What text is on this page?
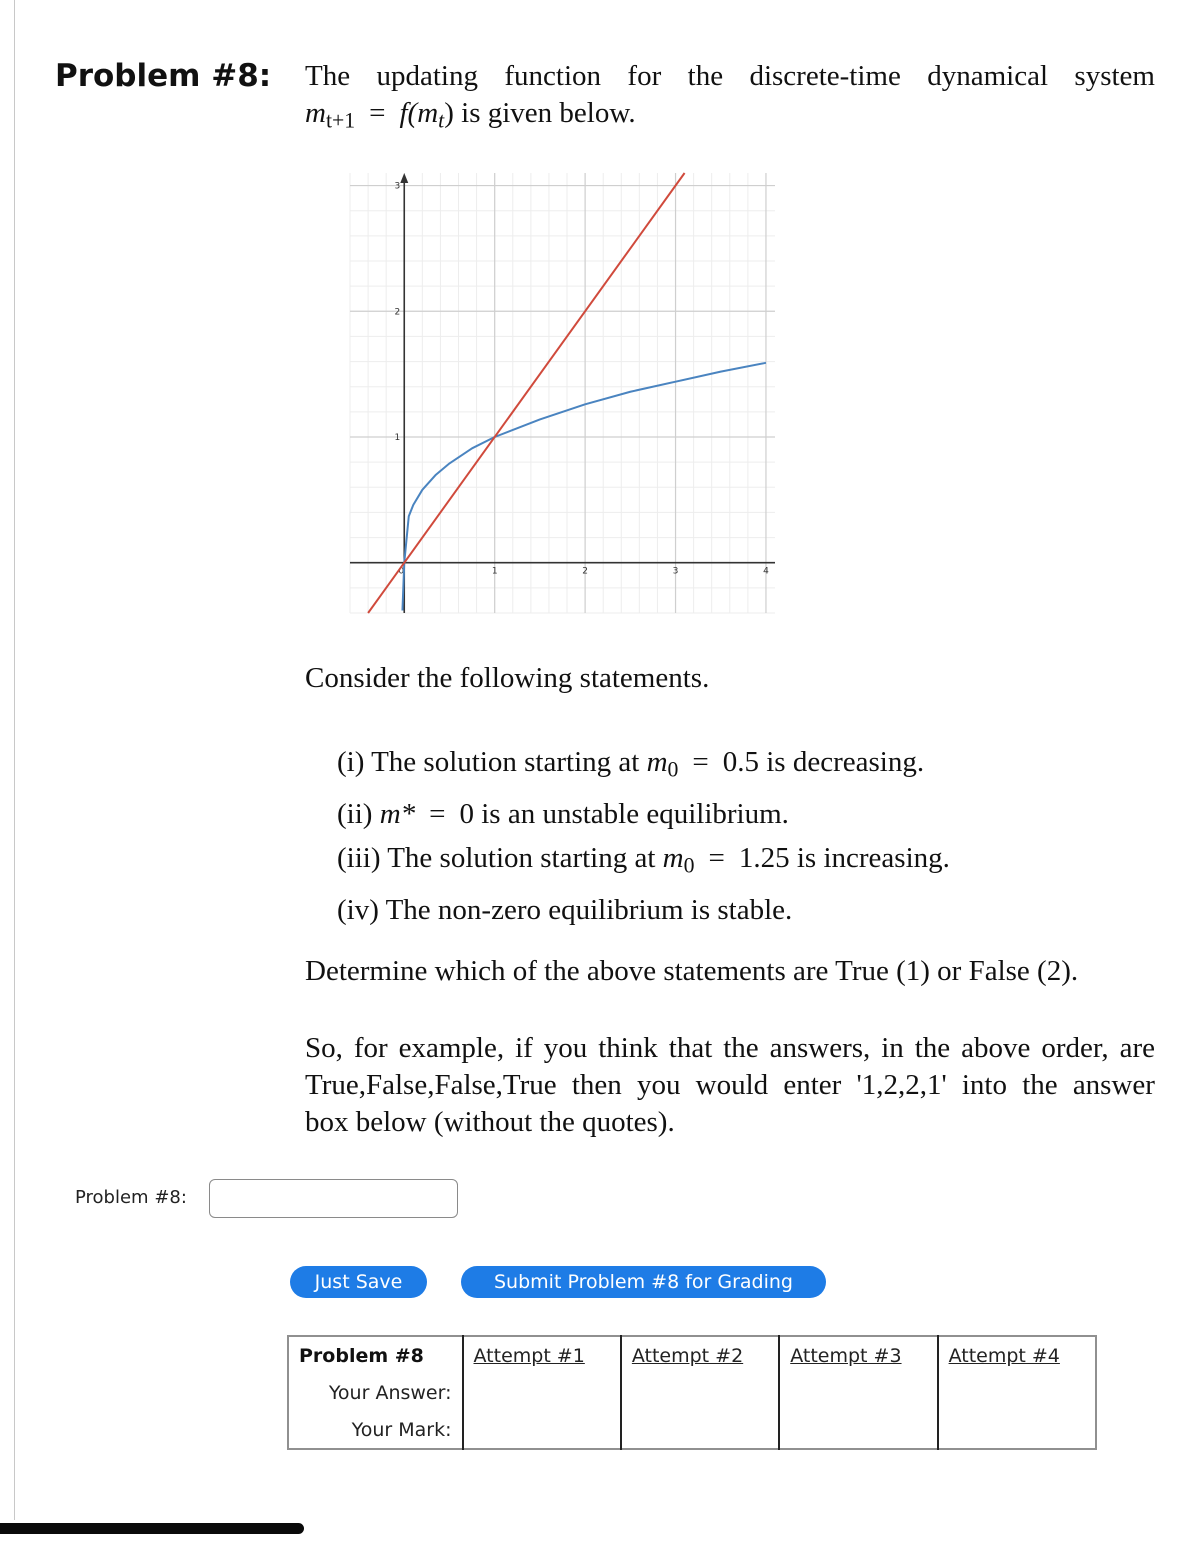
Problem #8: The updating function for the discrete-time dynamical system
$m_{t+1} = f(m_t)$ is given below.
0	1	2	3	4
1
2
3
Consider the following statements.
(i) The solution starting at $m_0 = 0.5$ is decreasing.
(ii) m* = 0 is an unstable equilibrium.
(iii) The solution starting at $m_0 = 1.25$ is increasing.
(iv) The non-zero equilibrium is stable.
Determine which of the above statements are True (1) or False (2).
So, for example, if you think that the answers, in the above order, are
True,False,False,True then you would enter '1,2,2,1' into the answer
box below (without the quotes).
Problem #8:
Just Save	Submit Problem #8 for Grading
Problem #8	Attempt #1	Attempt #2	Attempt #3	Attempt #4
Your Answer:				
Your Mark:				
